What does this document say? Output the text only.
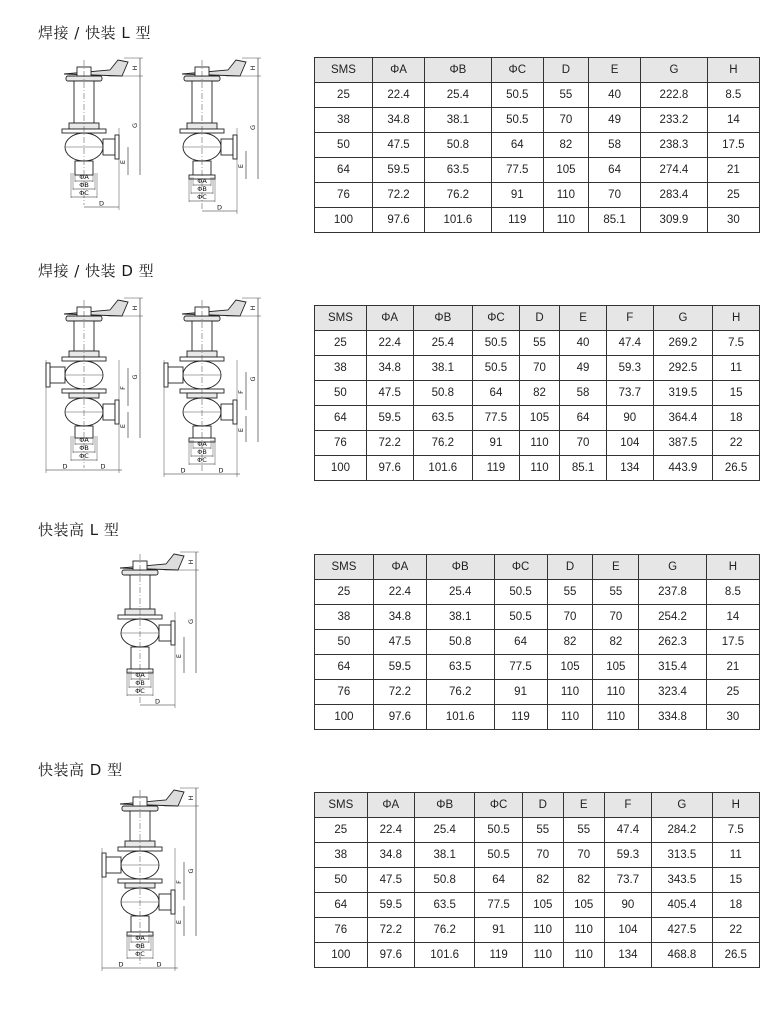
焊接 / 快装 L 型
ΦA
ΦB
ΦC
D
H
G
E
ΦA
ΦB
ΦC
D
H
G
E
SMS	ΦA	ΦB	ΦC	D	E	G	H
25	22.4	25.4	50.5	55	40	222.8	8.5
38	34.8	38.1	50.5	70	49	233.2	14
50	47.5	50.8	64	82	58	238.3	17.5
64	59.5	63.5	77.5	105	64	274.4	21
76	72.2	76.2	91	110	70	283.4	25
100	97.6	101.6	119	110	85.1	309.9	30
焊接 / 快装 D 型
ΦA
ΦB
ΦC
D	D
H
G
E
F
ΦA
ΦB
ΦC
D	D
H
G
E
F
SMS	ΦA	ΦB	ΦC	D	E	F	G	H
25	22.4	25.4	50.5	55	40	47.4	269.2	7.5
38	34.8	38.1	50.5	70	49	59.3	292.5	11
50	47.5	50.8	64	82	58	73.7	319.5	15
64	59.5	63.5	77.5	105	64	90	364.4	18
76	72.2	76.2	91	110	70	104	387.5	22
100	97.6	101.6	119	110	85.1	134	443.9	26.5
快装高 L 型
ΦA
ΦB
ΦC
D
H
G
E
SMS	ΦA	ΦB	ΦC	D	E	G	H
25	22.4	25.4	50.5	55	55	237.8	8.5
38	34.8	38.1	50.5	70	70	254.2	14
50	47.5	50.8	64	82	82	262.3	17.5
64	59.5	63.5	77.5	105	105	315.4	21
76	72.2	76.2	91	110	110	323.4	25
100	97.6	101.6	119	110	110	334.8	30
快装高 D 型
ΦA
ΦB
ΦC
D	D
H
G
E
F
SMS	ΦA	ΦB	ΦC	D	E	F	G	H
25	22.4	25.4	50.5	55	55	47.4	284.2	7.5
38	34.8	38.1	50.5	70	70	59.3	313.5	11
50	47.5	50.8	64	82	82	73.7	343.5	15
64	59.5	63.5	77.5	105	105	90	405.4	18
76	72.2	76.2	91	110	110	104	427.5	22
100	97.6	101.6	119	110	110	134	468.8	26.5
